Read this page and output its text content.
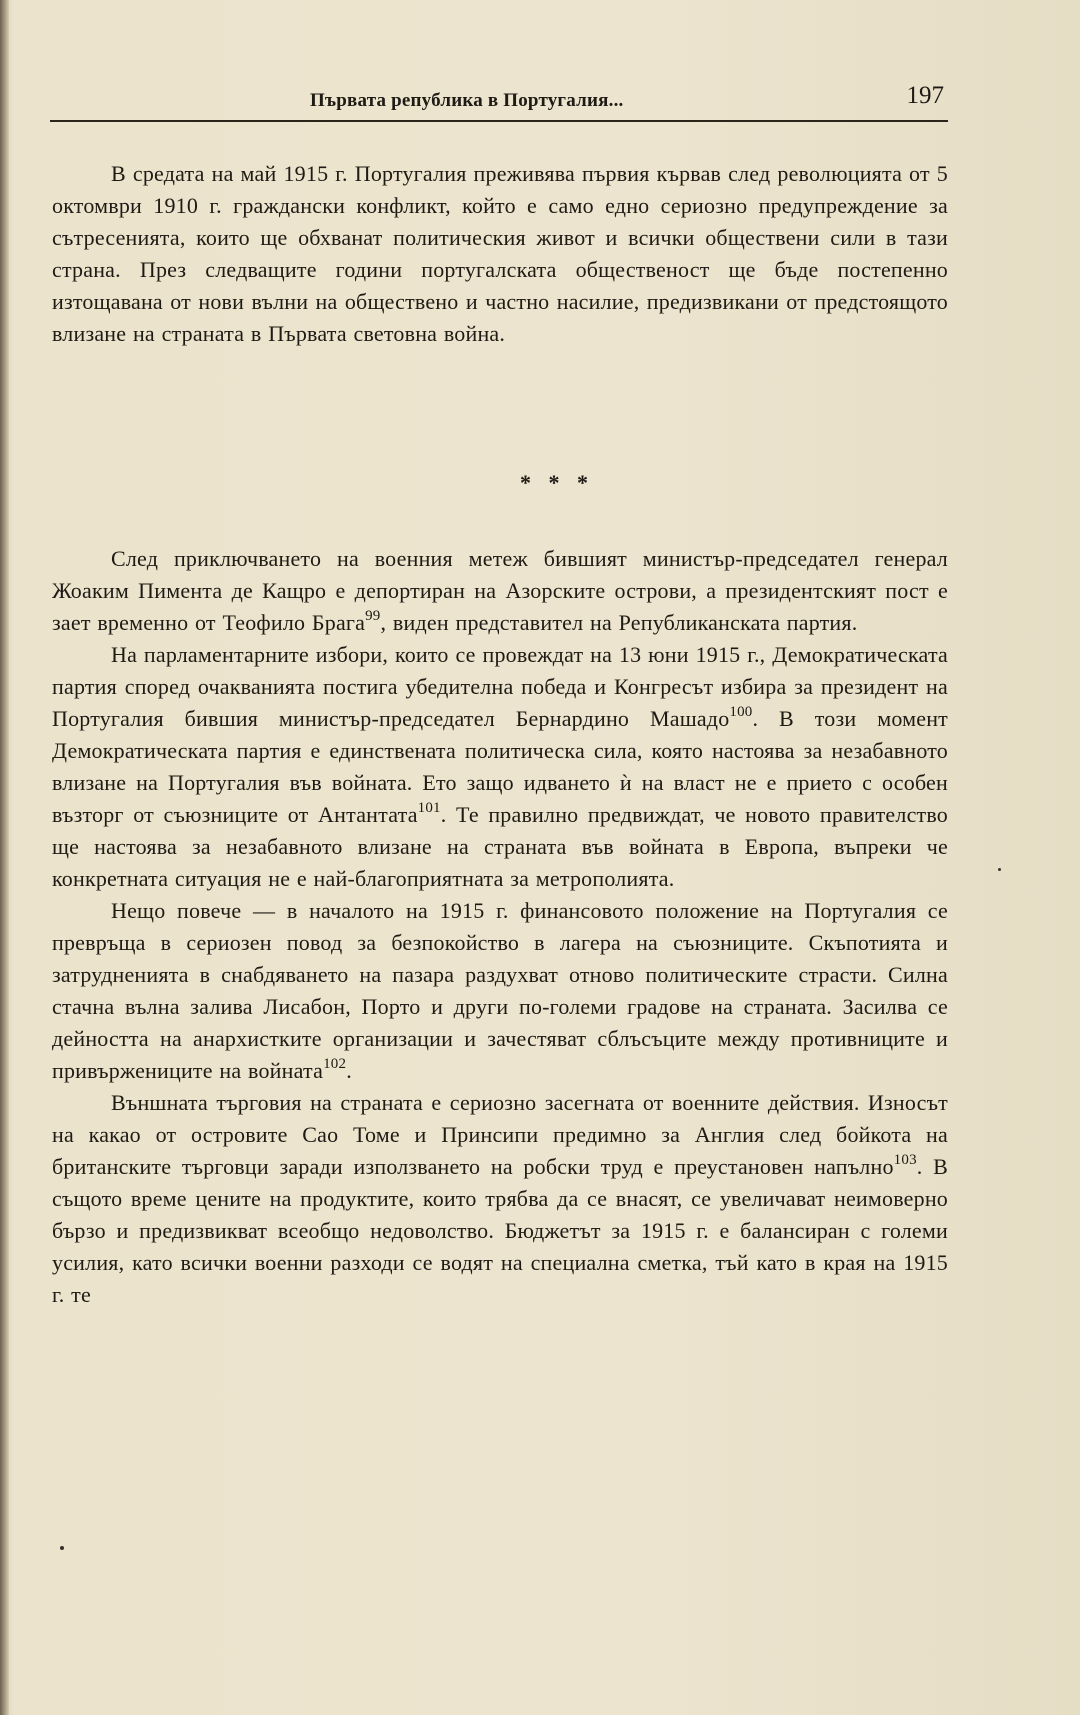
Първата република в Португалия...	197

В средата на май 1915 г. Португалия преживява първия кървав след революцията от 5 октомври 1910 г. граждански конфликт, който е само едно сериозно предупреждение за сътресенията, които ще обхванат политическия живот и всички обществени сили в тази страна. През следващите години португалската общественост ще бъде постепенно изтощавана от нови вълни на обществено и частно насилие, предизвикани от предстоящото влизане на страната в Първата световна война.

* * *

След приключването на военния метеж бившият министър-председател генерал Жоаким Пимента де Кащро е депортиран на Азорските острови, а президентският пост е зает временно от Теофило Брага$^{99}$, виден представител на Републиканската партия.

На парламентарните избори, които се провеждат на 13 юни 1915 г., Демократическата партия според очакванията постига убедителна победа и Конгресът избира за президент на Португалия бившия министър-председател Бернардино Машадо$^{100}$. В този момент Демократическата партия е единствената политическа сила, която настоява за незабавното влизане на Португалия във войната. Ето защо идването ѝ на власт не е прието с особен възторг от съюзниците от Антантата$^{101}$. Те правилно предвиждат, че новото правителство ще настоява за незабавното влизане на страната във войната в Европа, въпреки че конкретната ситуация не е най-благоприятната за метрополията.

Нещо повече — в началото на 1915 г. финансовото положение на Португалия се превръща в сериозен повод за безпокойство в лагера на съюзниците. Скъпотията и затрудненията в снабдяването на пазара раздухват отново политическите страсти. Силна стачна вълна залива Лисабон, Порто и други по-големи градове на страната. Засилва се дейността на анархистките организации и зачестяват сблъсъците между противниците и привържениците на войната$^{102}$.

Външната търговия на страната е сериозно засегната от военните действия. Износът на какао от островите Сао Томе и Принсипи предимно за Англия след бойкота на британските търговци заради използването на робски труд е преустановен напълно$^{103}$. В същото време цените на продуктите, които трябва да се внасят, се увеличават неимоверно бързо и предизвикват всеобщо недоволство. Бюджетът за 1915 г. е балансиран с големи усилия, като всички военни разходи се водят на специална сметка, тъй като в края на 1915 г. те
